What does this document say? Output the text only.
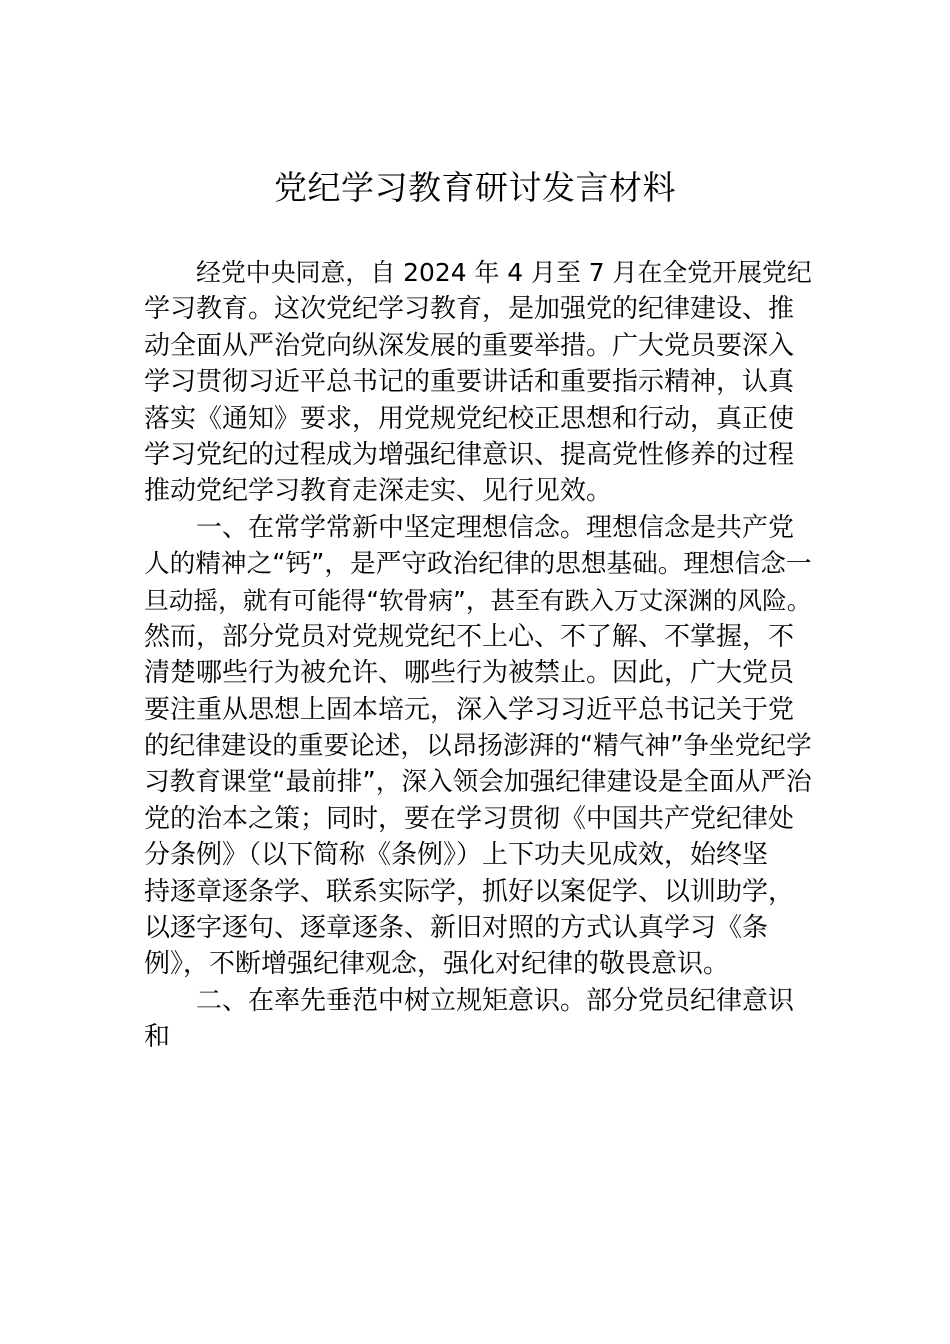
党纪学习教育研讨发言材料
经党中央同意，自 2024 年 4 月至 7 月在全党开展党纪
学习教育。这次党纪学习教育，是加强党的纪律建设、推
动全面从严治党向纵深发展的重要举措。广大党员要深入
学习贯彻习近平总书记的重要讲话和重要指示精神，认真
落实《通知》要求，用党规党纪校正思想和行动，真正使
学习党纪的过程成为增强纪律意识、提高党性修养的过程
推动党纪学习教育走深走实、见行见效。
一、在常学常新中坚定理想信念。理想信念是共产党
人的精神之“钙”，是严守政治纪律的思想基础。理想信念一
旦动摇，就有可能得“软骨病”，甚至有跌入万丈深渊的风险。
然而，部分党员对党规党纪不上心、不了解、不掌握，不
清楚哪些行为被允许、哪些行为被禁止。因此，广大党员
要注重从思想上固本培元，深入学习习近平总书记关于党
的纪律建设的重要论述，以昂扬澎湃的“精气神”争坐党纪学
习教育课堂“最前排”，深入领会加强纪律建设是全面从严治
党的治本之策；同时，要在学习贯彻《中国共产党纪律处
分条例》（以下简称《条例》）上下功夫见成效，始终坚
持逐章逐条学、联系实际学，抓好以案促学、以训助学，
以逐字逐句、逐章逐条、新旧对照的方式认真学习《条
例》，不断增强纪律观念，强化对纪律的敬畏意识。
二、在率先垂范中树立规矩意识。部分党员纪律意识
和
